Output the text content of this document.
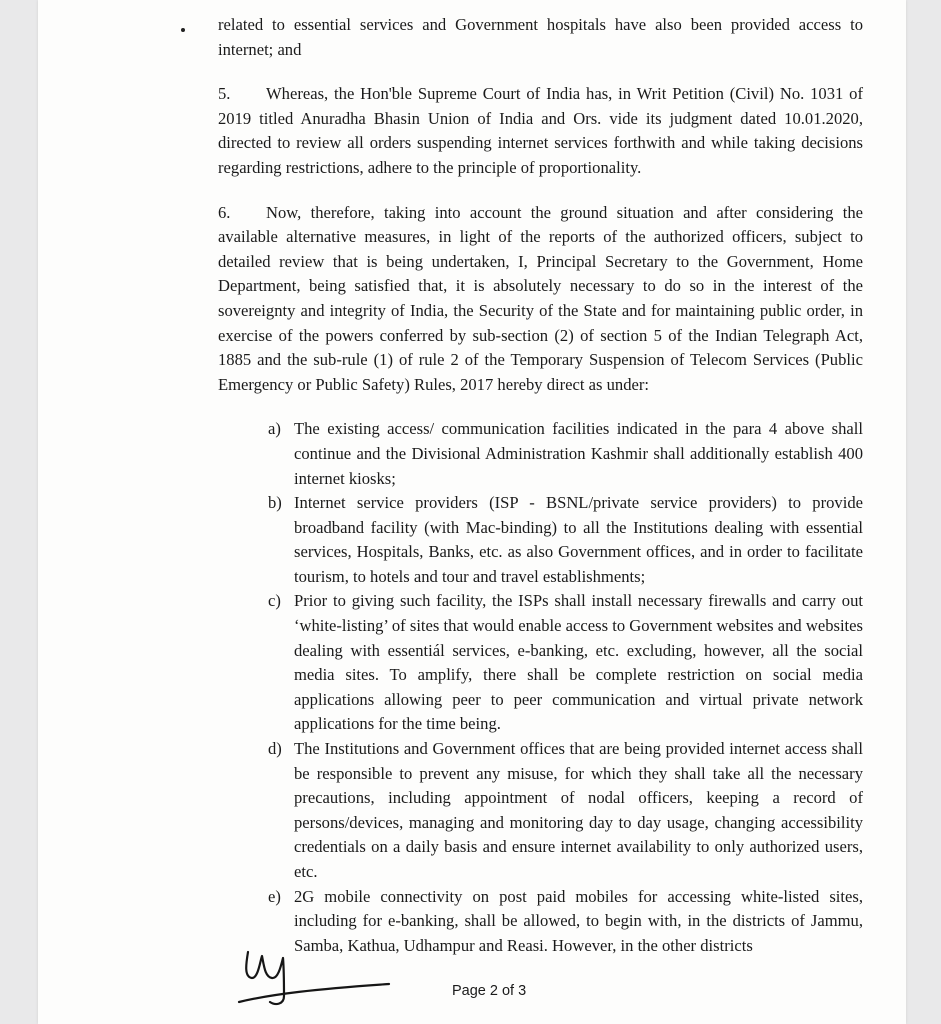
related to essential services and Government hospitals have also been provided access to internet; and

5. Whereas, the Hon'ble Supreme Court of India has, in Writ Petition (Civil) No. 1031 of 2019 titled Anuradha Bhasin Union of India and Ors. vide its judgment dated 10.01.2020, directed to review all orders suspending internet services forthwith and while taking decisions regarding restrictions, adhere to the principle of proportionality.

6. Now, therefore, taking into account the ground situation and after considering the available alternative measures, in light of the reports of the authorized officers, subject to detailed review that is being undertaken, I, Principal Secretary to the Government, Home Department, being satisfied that, it is absolutely necessary to do so in the interest of the sovereignty and integrity of India, the Security of the State and for maintaining public order, in exercise of the powers conferred by sub-section (2) of section 5 of the Indian Telegraph Act, 1885 and the sub-rule (1) of rule 2 of the Temporary Suspension of Telecom Services (Public Emergency or Public Safety) Rules, 2017 hereby direct as under:

a) The existing access/ communication facilities indicated in the para 4 above shall continue and the Divisional Administration Kashmir shall additionally establish 400 internet kiosks;
b) Internet service providers (ISP - BSNL/private service providers) to provide broadband facility (with Mac-binding) to all the Institutions dealing with essential services, Hospitals, Banks, etc. as also Government offices, and in order to facilitate tourism, to hotels and tour and travel establishments;
c) Prior to giving such facility, the ISPs shall install necessary firewalls and carry out ‘white-listing’ of sites that would enable access to Government websites and websites dealing with essentiál services, e-banking, etc. excluding, however, all the social media sites. To amplify, there shall be complete restriction on social media applications allowing peer to peer communication and virtual private network applications for the time being.
d) The Institutions and Government offices that are being provided internet access shall be responsible to prevent any misuse, for which they shall take all the necessary precautions, including appointment of nodal officers, keeping a record of persons/devices, managing and monitoring day to day usage, changing accessibility credentials on a daily basis and ensure internet availability to only authorized users, etc.
e) 2G mobile connectivity on post paid mobiles for accessing white-listed sites, including for e-banking, shall be allowed, to begin with, in the districts of Jammu, Samba, Kathua, Udhampur and Reasi. However, in the other districts
Page 2 of 3
